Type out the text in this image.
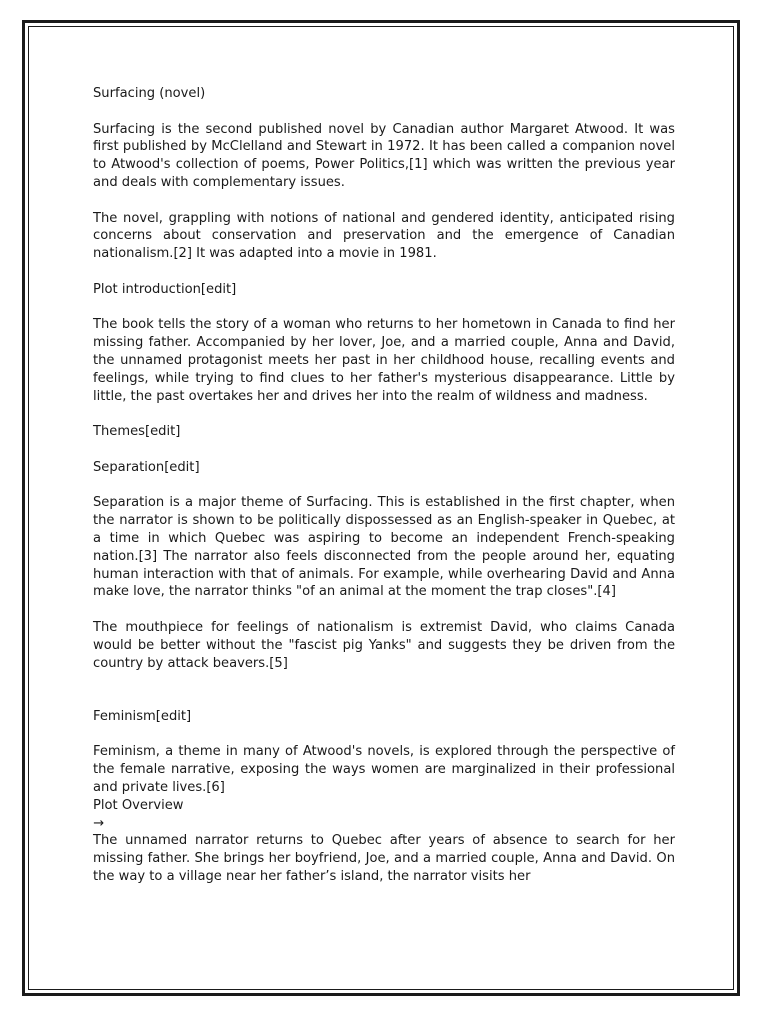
Surfacing (novel)

Surfacing is the second published novel by Canadian author Margaret Atwood. It was first published by McClelland and Stewart in 1972. It has been called a companion novel to Atwood's collection of poems, Power Politics,[1] which was written the previous year and deals with complementary issues.

The novel, grappling with notions of national and gendered identity, anticipated rising concerns about conservation and preservation and the emergence of Canadian nationalism.[2] It was adapted into a movie in 1981.

Plot introduction[edit]

The book tells the story of a woman who returns to her hometown in Canada to find her missing father. Accompanied by her lover, Joe, and a married couple, Anna and David, the unnamed protagonist meets her past in her childhood house, recalling events and feelings, while trying to find clues to her father's mysterious disappearance. Little by little, the past overtakes her and drives her into the realm of wildness and madness.

Themes[edit]

Separation[edit]

Separation is a major theme of Surfacing. This is established in the first chapter, when the narrator is shown to be politically dispossessed as an English-speaker in Quebec, at a time in which Quebec was aspiring to become an independent French-speaking nation.[3] The narrator also feels disconnected from the people around her, equating human interaction with that of animals. For example, while overhearing David and Anna make love, the narrator thinks "of an animal at the moment the trap closes".[4]

The mouthpiece for feelings of nationalism is extremist David, who claims Canada would be better without the "fascist pig Yanks" and suggests they be driven from the country by attack beavers.[5]

Feminism[edit]

Feminism, a theme in many of Atwood's novels, is explored through the perspective of the female narrative, exposing the ways women are marginalized in their professional and private lives.[6]

Plot Overview

→

The unnamed narrator returns to Quebec after years of absence to search for her missing father. She brings her boyfriend, Joe, and a married couple, Anna and David. On the way to a village near her father’s island, the narrator visits her
